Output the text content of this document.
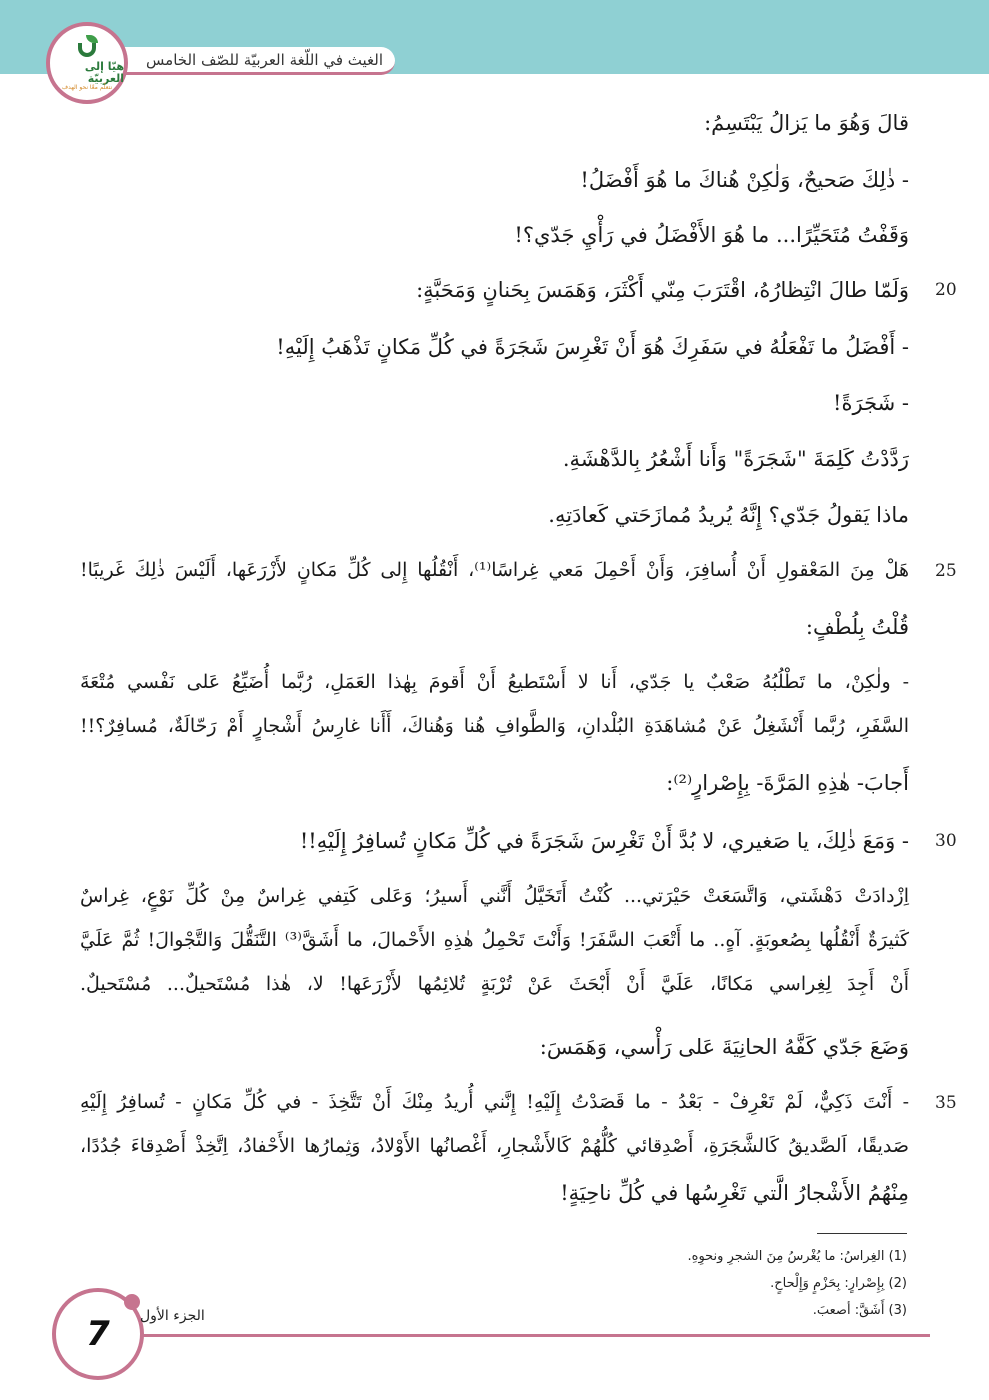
الغيث في اللّغة العربيّة للصّف الخامس
هيّا إلى العربيّة
نتعلّم معًا نحو الهدف
قالَ وَهُوَ ما يَزالُ يَبْتَسِمُ:
- ذٰلِكَ صَحيحٌ، وَلٰكِنْ هُناكَ ما هُوَ أَفْضَلُ!
وَقَفْتُ مُتَحَيِّرًا... ما هُوَ الأَفْضَلُ في رَأْيِ جَدّي؟!
20
وَلَمّا طالَ انْتِظارُهُ، اقْتَرَبَ مِنّي أَكْثَرَ، وَهَمَسَ بِحَنانٍ وَمَحَبَّةٍ:
- أَفْضَلُ ما تَفْعَلُهُ في سَفَرِكَ هُوَ أَنْ تَغْرِسَ شَجَرَةً في كُلِّ مَكانٍ تَذْهَبُ إِلَيْهِ!
- شَجَرَةً!
رَدَّدْتُ كَلِمَةَ "شَجَرَةً" وَأَنا أَشْعُرُ بِالدَّهْشَةِ.
ماذا يَقولُ جَدّي؟ إِنَّهُ يُريدُ مُمازَحَتي كَعادَتِهِ.
25
هَلْ مِنَ المَعْقولِ أَنْ أُسافِرَ، وَأَنْ أَحْمِلَ مَعي غِراسًا⁽¹⁾، أَنْقُلُها إِلى كُلِّ مَكانٍ لأَزْرَعَها، أَلَيْسَ ذٰلِكَ غَريبًا!
قُلْتُ بِلُطْفٍ:
- ولٰكِنْ، ما تَطْلُبُهُ صَعْبٌ يا جَدّي، أَنا لا أَسْتَطيعُ أَنْ أَقومَ بِهٰذا العَمَلِ، رُبَّما أُضَيِّعُ عَلى نَفْسي مُتْعَةَ
السَّفَرِ، رُبَّما أَنْشَغِلُ عَنْ مُشاهَدَةِ البُلْدانِ، وَالطَّوافِ هُنا وَهُناكَ، أَأَنا غارِسُ أَشْجارٍ أَمْ رَحّالَةٌ، مُسافِرٌ؟!!
أَجابَ- هٰذِهِ المَرَّةَ- بِإِصْرارٍ⁽²⁾:
30
- وَمَعَ ذٰلِكَ، يا صَغيري، لا بُدَّ أَنْ تَغْرِسَ شَجَرَةً في كُلِّ مَكانٍ تُسافِرُ إِلَيْهِ!!
اِزْدادَتْ دَهْشَتي، وَاتَّسَعَتْ حَيْرَتي... كُنْتُ أَتَخَيَّلُ أَنَّني أَسيرُ؛ وَعَلى كَتِفي غِراسٌ مِنْ كُلِّ نَوْعٍ، غِراسٌ
كَثيرَةٌ أَنْقُلُها بِصُعوبَةٍ. آهٍ.. ما أَتْعَبَ السَّفَرَ! وَأَنْتَ تَحْمِلُ هٰذِهِ الأَحْمالَ، ما أَشَقَّ⁽³⁾ التَّنَقُّلَ وَالتَّجْوالَ! ثُمَّ عَلَيَّ
أَنْ أَجِدَ لِغِراسي مَكانًا، عَلَيَّ أَنْ أَبْحَثَ عَنْ تُرْبَةٍ تُلائِمُها لأَزْرَعَها! لا، هٰذا مُسْتَحيلٌ... مُسْتَحيلٌ.
وَضَعَ جَدّي كَفَّهُ الحانِيَةَ عَلى رَأْسي، وَهَمَسَ:
35
- أَنْتَ ذَكِيٌّ، لَمْ تَعْرِفْ - بَعْدُ - ما قَصَدْتُ إِلَيْهِ! إِنَّني أُريدُ مِنْكَ أَنْ تَتَّخِذَ - في كُلِّ مَكانٍ - تُسافِرُ إِلَيْهِ
صَديقًا، اَلصَّديقُ كَالشَّجَرَةِ، أَصْدِقائي كُلُّهُمْ كَالأَشْجارِ، أَغْصانُها الأَوْلادُ، وَثِمارُها الأَحْفادُ، اِتَّخِذْ أَصْدِقاءَ جُدُدًا،
مِنْهُمُ الأَشْجارُ الَّتي تَغْرِسُها في كُلِّ ناحِيَةٍ!
(1) الغِراسُ: ما يُغْرسُ مِنَ الشجرِ ونحوِهِ.
(2) بِإِصْرارٍ: بِحَزْمٍ وَإِلْحاحٍ.
(3) أَشَقَّ: أصعبَ.
7 الجزء الأول
